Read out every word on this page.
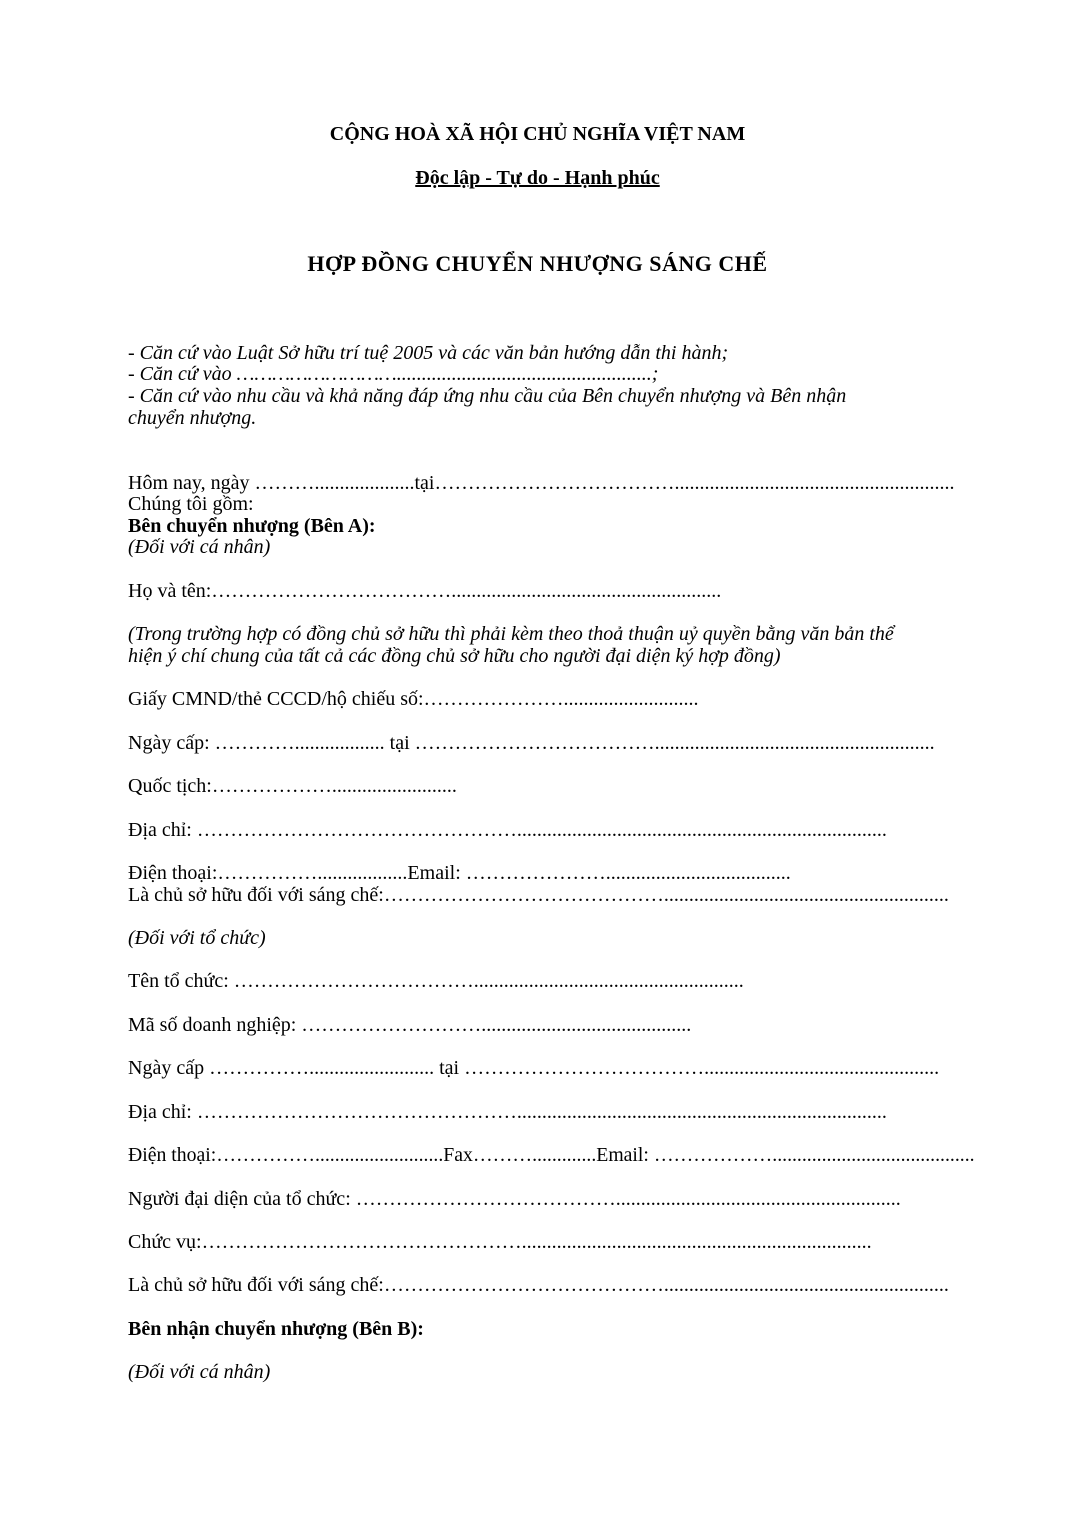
CỘNG HOÀ XÃ HỘI CHỦ NGHĨA VIỆT NAM
Độc lập - Tự do - Hạnh phúc
HỢP ĐỒNG CHUYỂN NHƯỢNG SÁNG CHẾ
- Căn cứ vào Luật Sở hữu trí tuệ 2005 và các văn bản hướng dẫn thi hành;
- Căn cứ vào ………………………...................................................;
- Căn cứ vào nhu cầu và khả năng đáp ứng nhu cầu của Bên chuyển nhượng và Bên nhận
chuyển nhượng.
Hôm nay, ngày ………....................tại………………………………........................................................
Chúng tôi gồm:
Bên chuyển nhượng (Bên A):
(Đối với cá nhân)
Họ và tên:………………………………......................................................
(Trong trường hợp có đồng chủ sở hữu thì phải kèm theo thoả thuận uỷ quyền bằng văn bản thể
hiện ý chí chung của tất cả các đồng chủ sở hữu cho người đại diện ký hợp đồng)
Giấy CMND/thẻ CCCD/hộ chiếu số:…………………...........................
Ngày cấp: ………….................. tại ………………………………........................................................
Quốc tịch:……………….........................
Địa chỉ: …………………………………………..........................................................................
Điện thoại:……………..................Email: ………………….....................................
Là chủ sở hữu đối với sáng chế:…………………………………….........................................................
(Đối với tổ chức)
Tên tổ chức: ………………………………......................................................
Mã số doanh nghiệp: ………………………..........................................
Ngày cấp ……………......................... tại ………………………………...............................................
Địa chỉ: …………………………………………..........................................................................
Điện thoại:……………..........................Fax……….............Email: ……………….........................................
Người đại diện của tổ chức: ………………………………….........................................................
Chức vụ:…………………………………………......................................................................
Là chủ sở hữu đối với sáng chế:…………………………………….........................................................
Bên nhận chuyển nhượng (Bên B):
(Đối với cá nhân)
